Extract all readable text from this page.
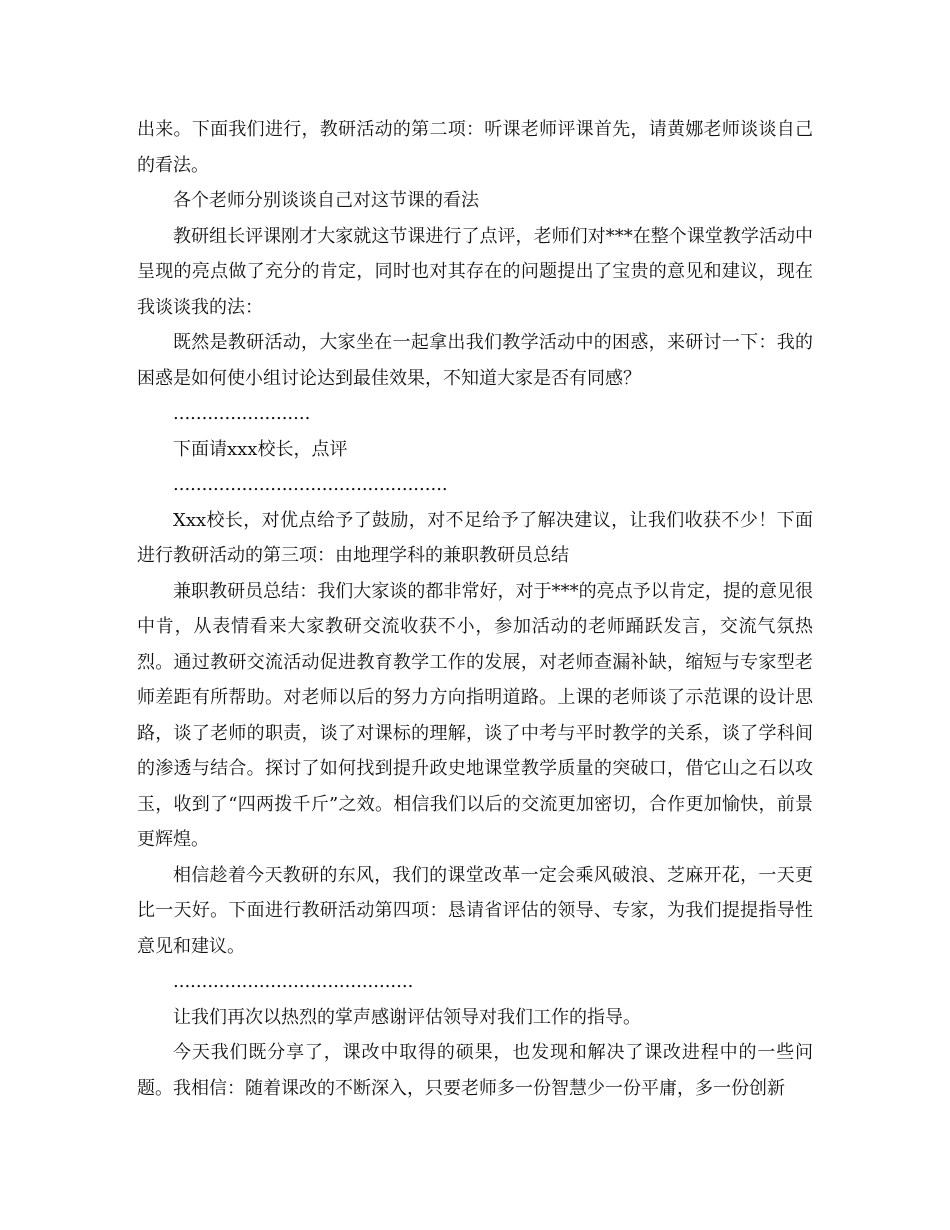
出来。下面我们进行，教研活动的第二项：听课老师评课首先，请黄娜老师谈谈自己的看法。

各个老师分别谈谈自己对这节课的看法

教研组长评课刚才大家就这节课进行了点评，老师们对***在整个课堂教学活动中呈现的亮点做了充分的肯定，同时也对其存在的问题提出了宝贵的意见和建议，现在我谈谈我的法：

既然是教研活动，大家坐在一起拿出我们教学活动中的困惑，来研讨一下：我的困惑是如何使小组讨论达到最佳效果，不知道大家是否有同感？

........................

下面请xxx校长，点评

................................................

Xxx校长，对优点给予了鼓励，对不足给予了解决建议，让我们收获不少！下面进行教研活动的第三项：由地理学科的兼职教研员总结

兼职教研员总结：我们大家谈的都非常好，对于***的亮点予以肯定，提的意见很中肯，从表情看来大家教研交流收获不小，参加活动的老师踊跃发言，交流气氛热烈。通过教研交流活动促进教育教学工作的发展，对老师查漏补缺，缩短与专家型老师差距有所帮助。对老师以后的努力方向指明道路。上课的老师谈了示范课的设计思路，谈了老师的职责，谈了对课标的理解，谈了中考与平时教学的关系，谈了学科间的渗透与结合。探讨了如何找到提升政史地课堂教学质量的突破口，借它山之石以攻玉，收到了“四两拨千斤”之效。相信我们以后的交流更加密切，合作更加愉快，前景更辉煌。

相信趁着今天教研的东风，我们的课堂改革一定会乘风破浪、芝麻开花，一天更比一天好。下面进行教研活动第四项：恳请省评估的领导、专家，为我们提提指导性意见和建议。

..........................................

让我们再次以热烈的掌声感谢评估领导对我们工作的指导。

今天我们既分享了，课改中取得的硕果，也发现和解决了课改进程中的一些问题。我相信：随着课改的不断深入，只要老师多一份智慧少一份平庸，多一份创新
